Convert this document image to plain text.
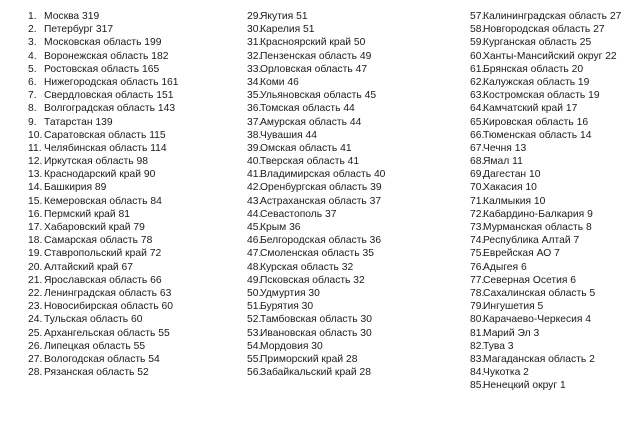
1. Москва 319
2. Петербург 317
3. Московская область 199
4. Воронежская область 182
5. Ростовская область 165
6. Нижегородская область 161
7. Свердловская область 151
8. Волгоградская область 143
9. Татарстан 139
10. Саратовская область 115
11. Челябинская область 114
12. Иркутская область 98
13. Краснодарский край 90
14. Башкирия 89
15. Кемеровская область 84
16. Пермский край 81
17. Хабаровский край 79
18. Самарская область 78
19. Ставропольский край 72
20. Алтайский край 67
21. Ярославская область 66
22. Ленинградская область 63
23. Новосибирская область 60
24. Тульская область 60
25. Архангельская область 55
26. Липецкая область 55
27. Вологодская область 54
28. Рязанская область 52
29.
Якутия 51
30.
Карелия 51
31.
Красноярский край 50
32.
Пензенская область 49
33.
Орловская область 47
34.
Коми 46
35.
Ульяновская область 45
36.
Томская область 44
37.
Амурская область 44
38.
Чувашия 44
39.
Омская область 41
40.
Тверская область 41
41.
Владимирская область 40
42.
Оренбургская область 39
43.
Астраханская область 37
44.
Севастополь 37
45.
Крым 36
46.
Белгородская область 36
47.
Смоленская область 35
48.
Курская область 32
49.
Псковская область 32
50.
Удмуртия 30
51.
Бурятия 30
52.
Тамбовская область 30
53.
Ивановская область 30
54.
Мордовия 30
55.
Приморский край 28
56.
Забайкальский край 28
57.
Калининградская область 27
58.
Новгородская область 27
59.
Курганская область 25
60.
Ханты-Мансийский округ 22
61.
Брянская область 20
62.
Калужская область 19
63.
Костромская область 19
64.
Камчатский край 17
65.
Кировская область 16
66.
Тюменская область 14
67.
Чечня 13
68.
Ямал 11
69.
Дагестан 10
70.
Хакасия 10
71.
Калмыкия 10
72.
Кабардино-Балкария 9
73.
Мурманская область 8
74.
Республика Алтай 7
75.
Еврейская АО 7
76.
Адыгея 6
77.
Северная Осетия 6
78.
Сахалинская область 5
79.
Ингушетия 5
80.
Карачаево-Черкесия 4
81.
Марий Эл 3
82.
Тува 3
83.
Магаданская область 2
84.
Чукотка 2
85.
Ненецкий округ 1
